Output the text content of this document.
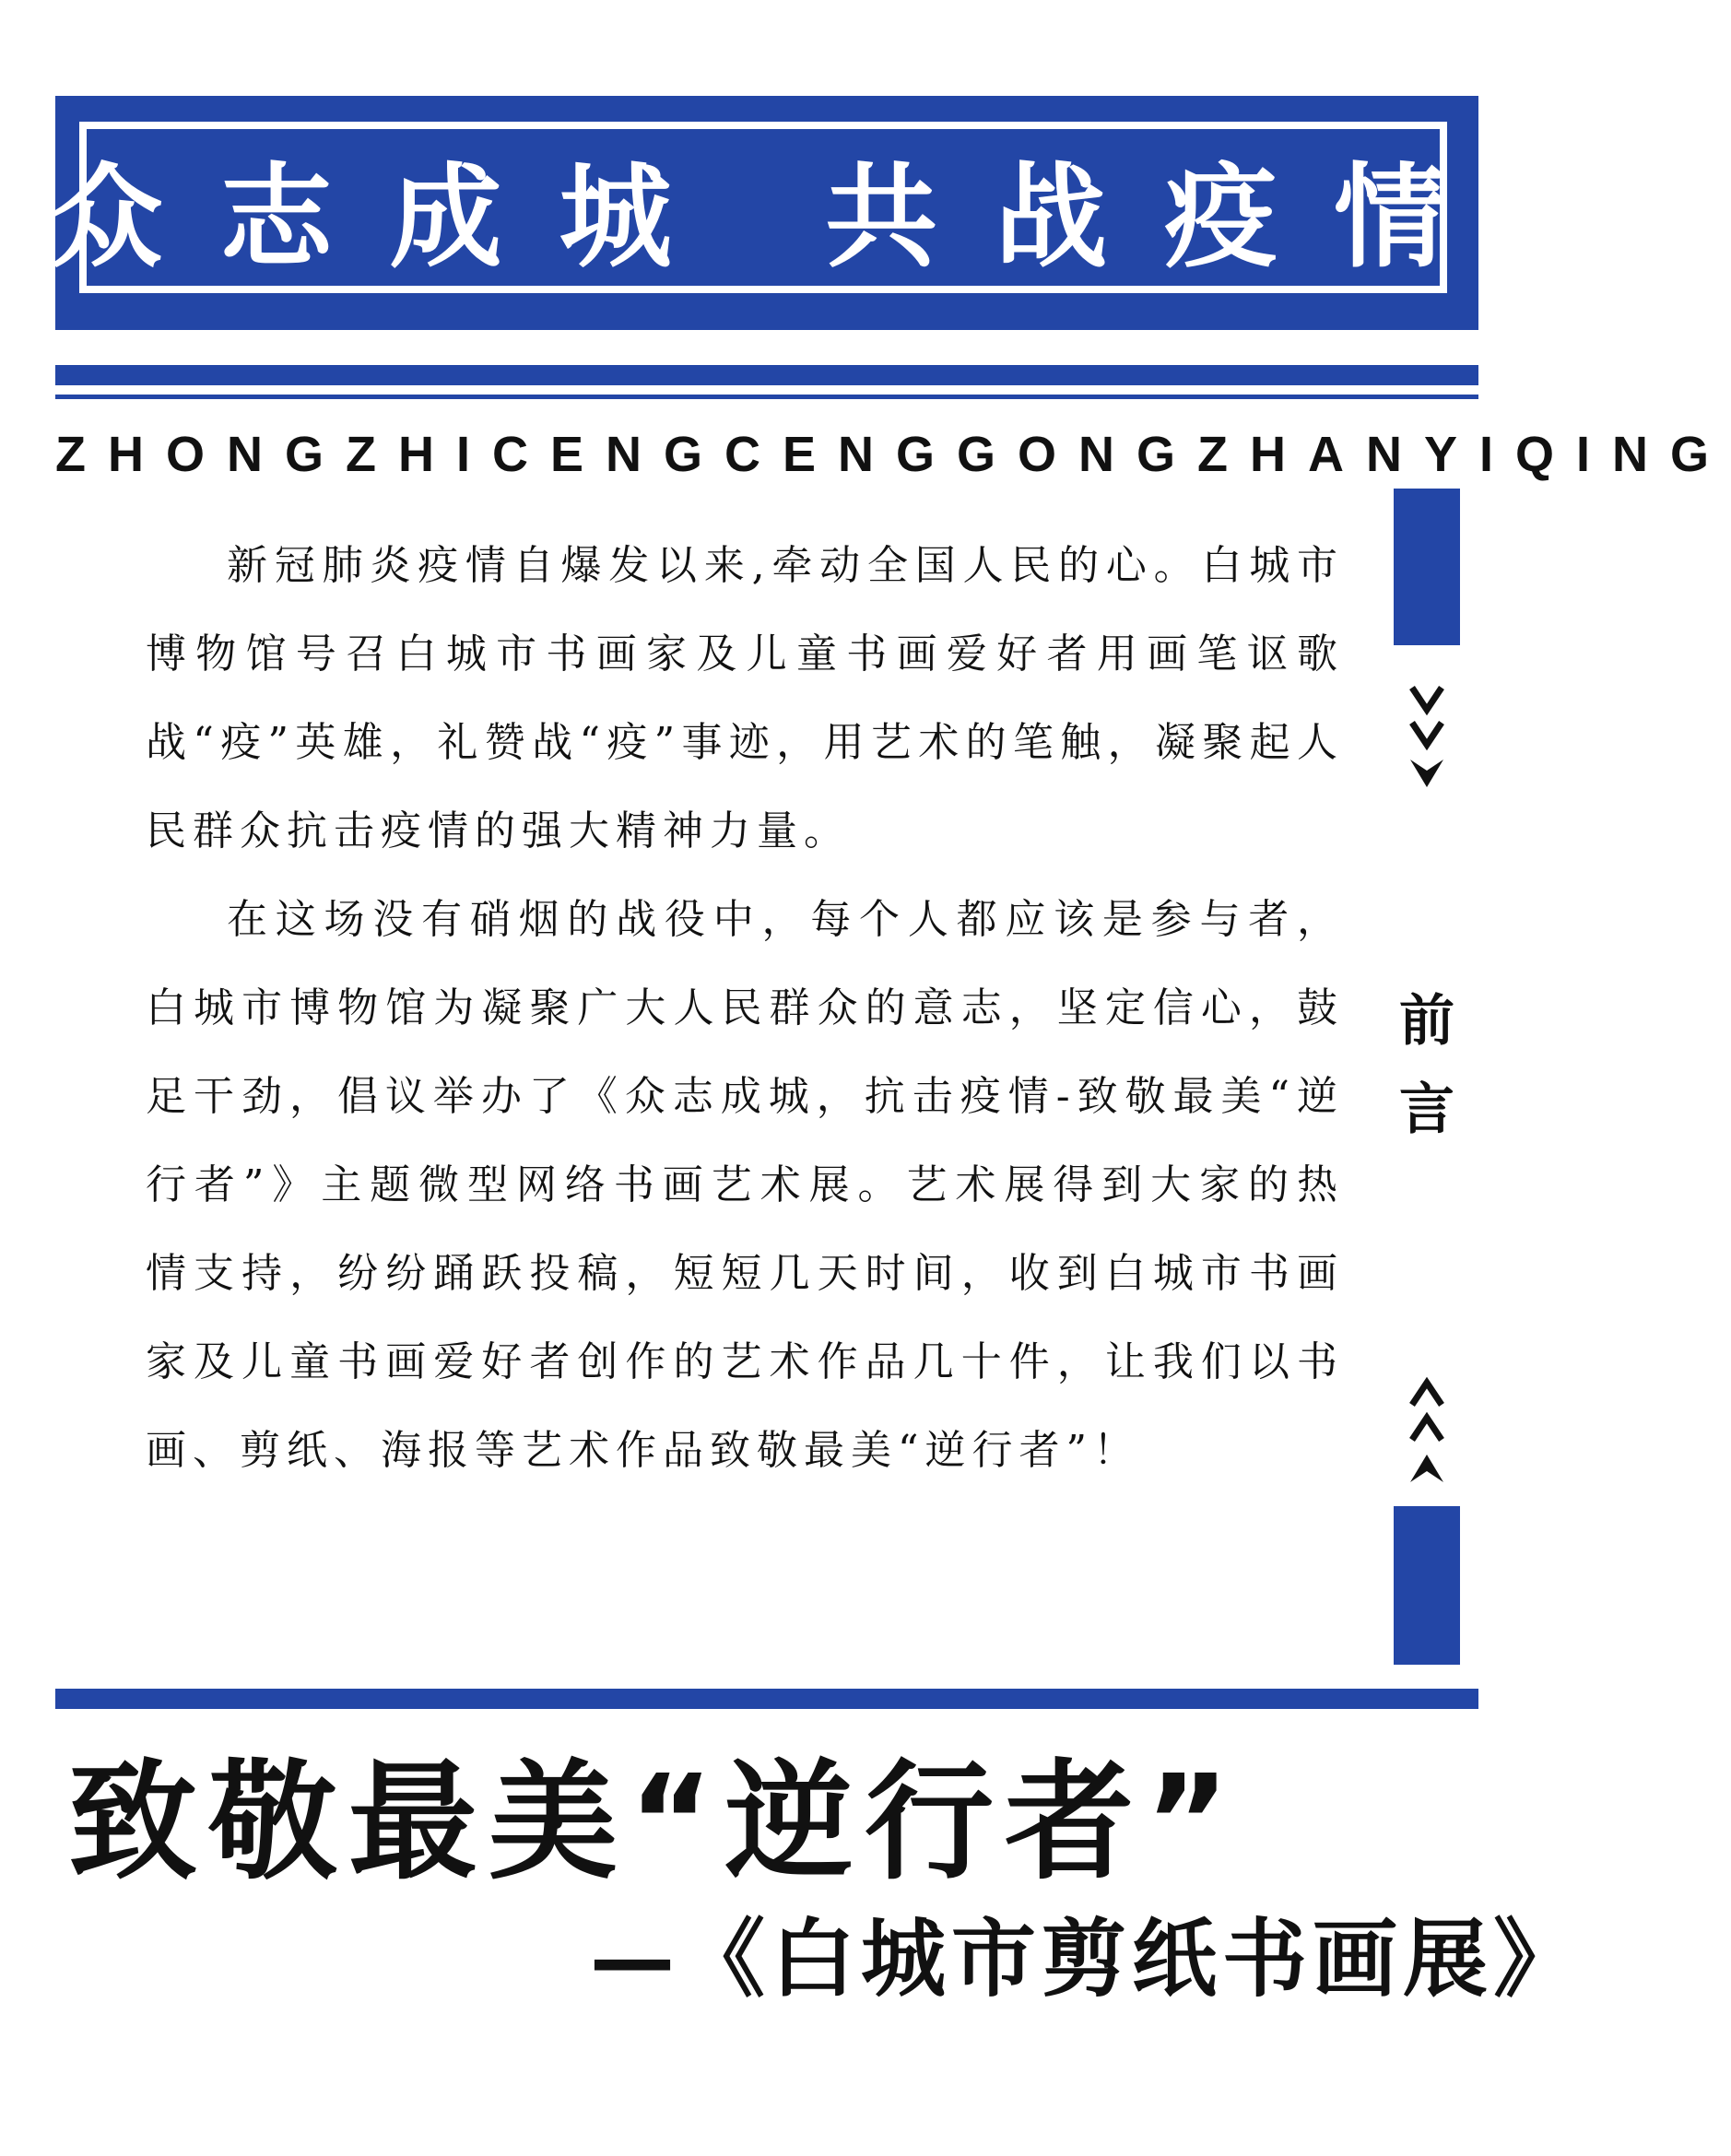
众志成城 共战疫情
ZHONGZHICENGCENGGONGZHANYIQING

新冠肺炎疫情自爆发以来,牵动全国人民的心。白城市博物馆号召白城市书画家及儿童书画爱好者用画笔讴歌战“疫”英雄，礼赞战“疫”事迹，用艺术的笔触，凝聚起人民群众抗击疫情的强大精神力量。

在这场没有硝烟的战役中，每个人都应该是参与者，白城市博物馆为凝聚广大人民群众的意志，坚定信心，鼓足干劲，倡议举办了《众志成城，抗击疫情-致敬最美“逆行者”》主题微型网络书画艺术展。艺术展得到大家的热情支持，纷纷踊跃投稿，短短几天时间，收到白城市书画家及儿童书画爱好者创作的艺术作品几十件，让我们以书画、剪纸、海报等艺术作品致敬最美“逆行者”！

前言
致敬最美“逆行者”
—《白城市剪纸书画展》
